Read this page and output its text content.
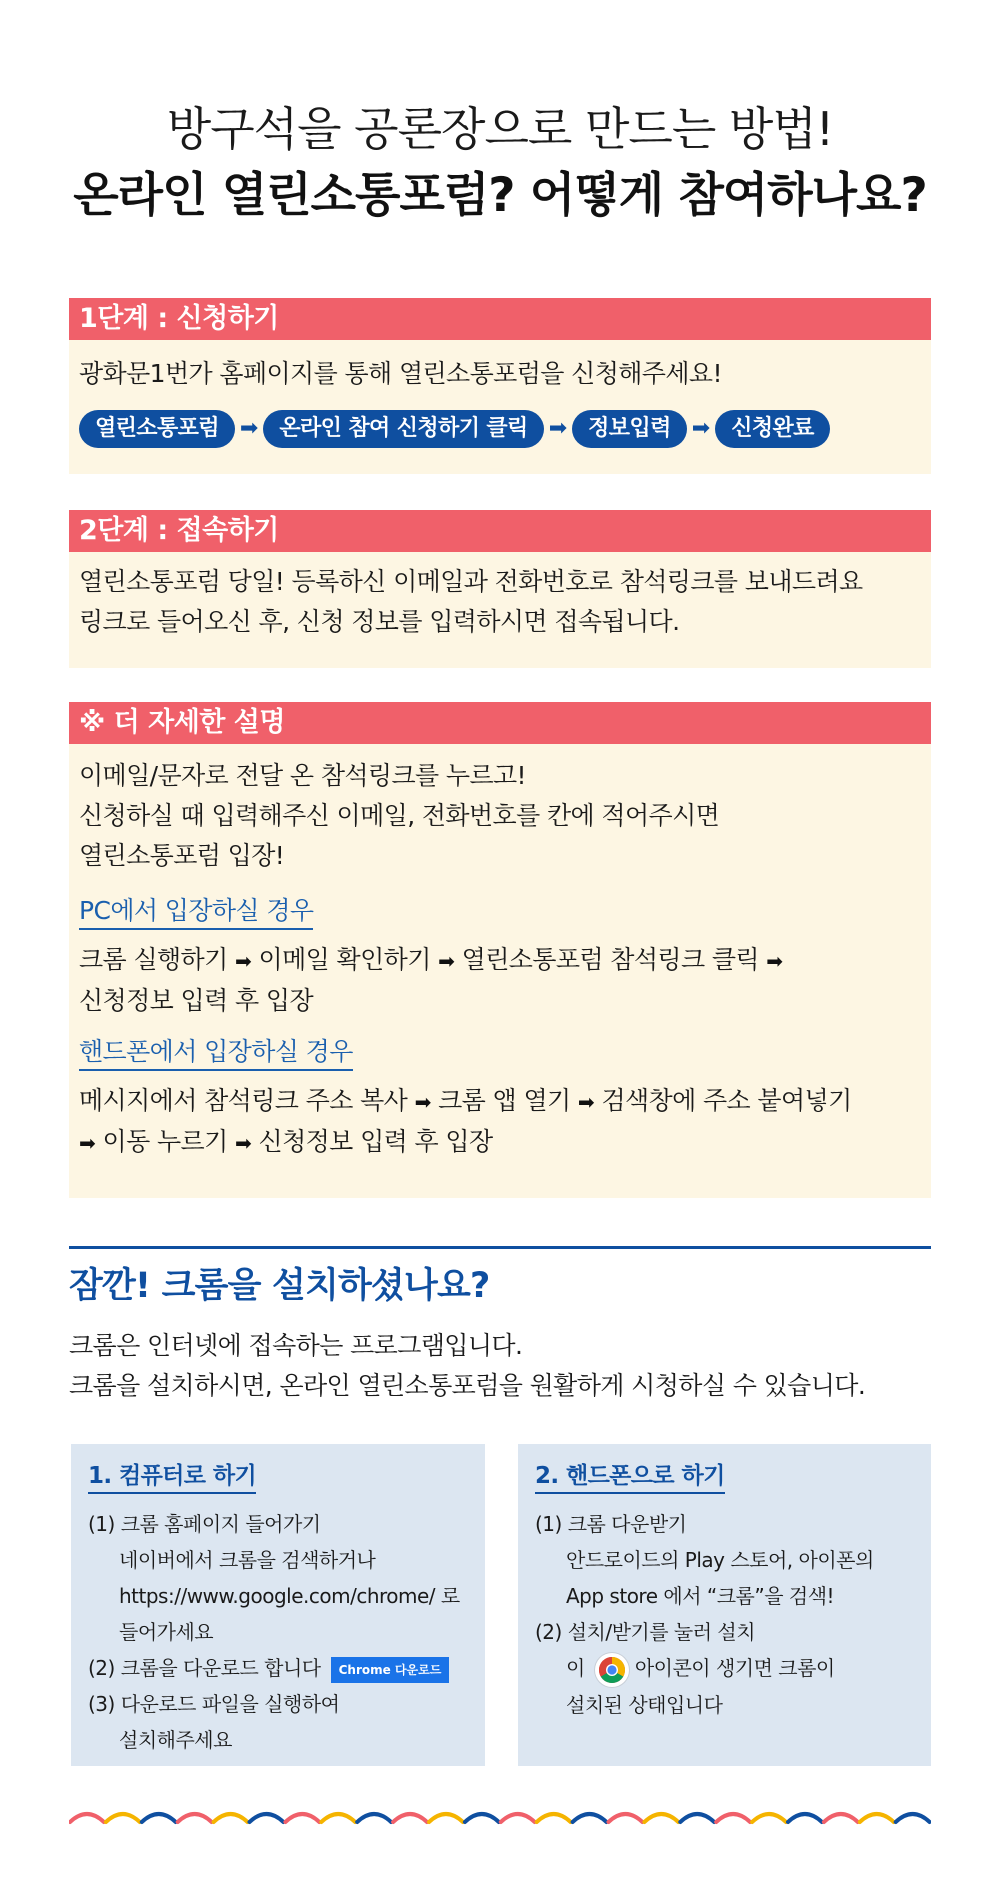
방구석을 공론장으로 만드는 방법!
온라인 열린소통포럼? 어떻게 참여하나요?
1단계 : 신청하기
광화문1번가 홈페이지를 통해 열린소통포럼을 신청해주세요!
열린소통포럼 ➡ 온라인 참여 신청하기 클릭 ➡ 정보입력 ➡ 신청완료
2단계 : 접속하기
열린소통포럼 당일! 등록하신 이메일과 전화번호로 참석링크를 보내드려요
링크로 들어오신 후, 신청 정보를 입력하시면 접속됩니다.
※ 더 자세한 설명
이메일/문자로 전달 온 참석링크를 누르고!
신청하실 때 입력해주신 이메일, 전화번호를 칸에 적어주시면
열린소통포럼 입장!
PC에서 입장하실 경우
크롬 실행하기 ➡ 이메일 확인하기 ➡ 열린소통포럼 참석링크 클릭 ➡
신청정보 입력 후 입장
핸드폰에서 입장하실 경우
메시지에서 참석링크 주소 복사 ➡ 크롬 앱 열기 ➡ 검색창에 주소 붙여넣기
➡ 이동 누르기 ➡ 신청정보 입력 후 입장
잠깐! 크롬을 설치하셨나요?
크롬은 인터넷에 접속하는 프로그램입니다.
크롬을 설치하시면, 온라인 열린소통포럼을 원활하게 시청하실 수 있습니다.
1. 컴퓨터로 하기
(1) 크롬 홈페이지 들어가기
네이버에서 크롬을 검색하거나
https://www.google.com/chrome/ 로
들어가세요
(2) 크롬을 다운로드 합니다 Chrome 다운로드
(3) 다운로드 파일을 실행하여
설치해주세요
2. 핸드폰으로 하기
(1) 크롬 다운받기
안드로이드의 Play 스토어, 아이폰의
App store 에서 “크롬”을 검색!
(2) 설치/받기를 눌러 설치
이	아이콘이 생기면 크롬이
설치된 상태입니다
